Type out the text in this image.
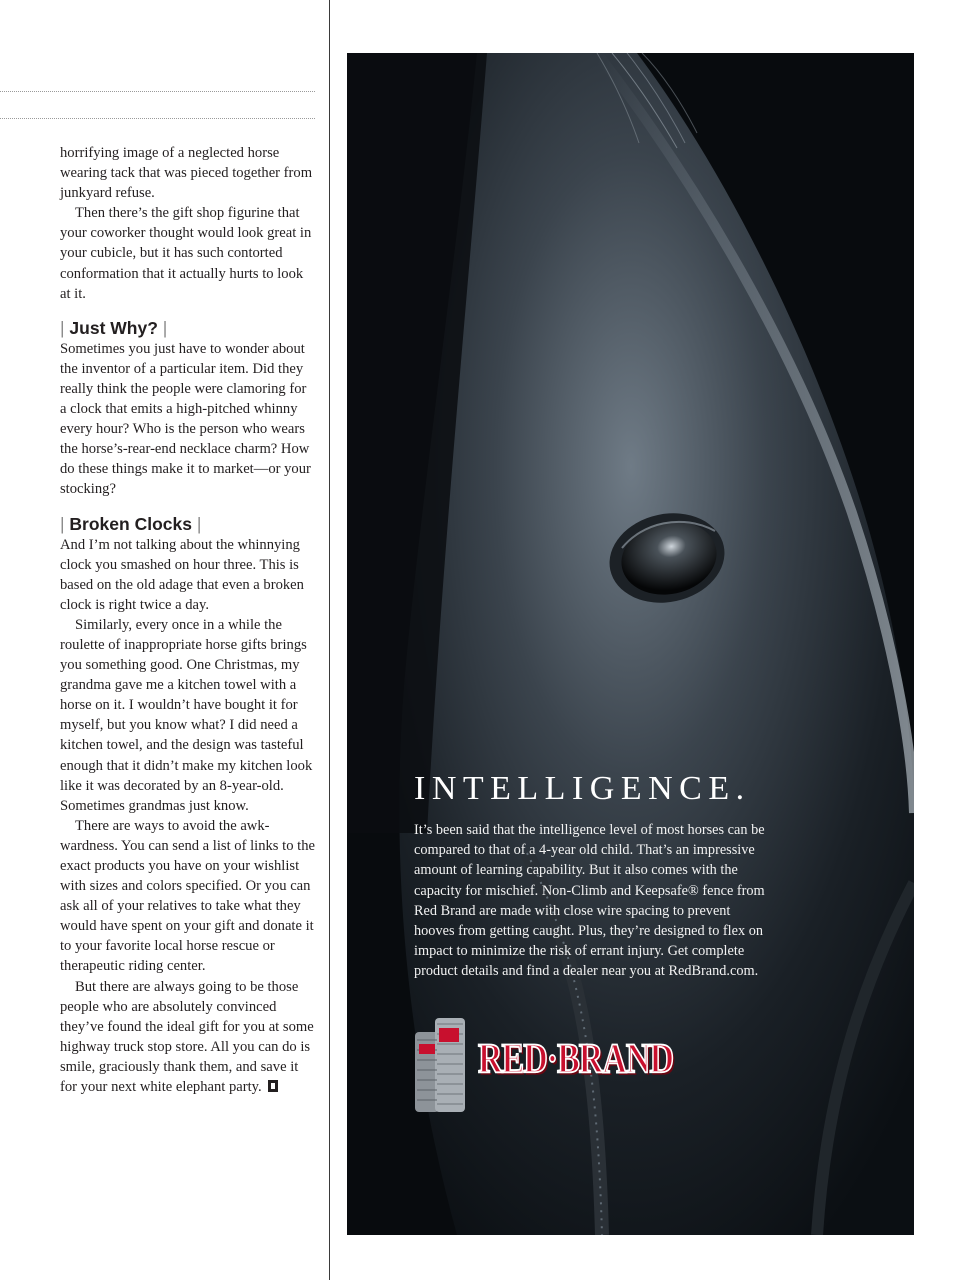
horrifying image of a neglected horse wearing tack that was pieced together from junkyard refuse.

Then there’s the gift shop figurine that your coworker thought would look great in your cubicle, but it has such contorted conformation that it actually hurts to look at it.

| Just Why? |

Sometimes you just have to wonder about the inventor of a particular item. Did they really think the people were clamoring for a clock that emits a high-pitched whinny every hour? Who is the person who wears the horse’s-rear-end necklace charm? How do these things make it to market—or your stocking?

| Broken Clocks |

And I’m not talking about the whinnying clock you smashed on hour three. This is based on the old adage that even a broken clock is right twice a day.

Similarly, every once in a while the roulette of inappropriate horse gifts brings you something good. One Christmas, my grandma gave me a kitchen towel with a horse on it. I wouldn’t have bought it for myself, but you know what? I did need a kitchen towel, and the design was tasteful enough that it didn’t make my kitchen look like it was decorated by an 8-year-old. Sometimes grandmas just know.

There are ways to avoid the awkwardness. You can send a list of links to the exact products you have on your wishlist with sizes and colors specified. Or you can ask all of your relatives to take what they would have spent on your gift and donate it to your favorite local horse rescue or therapeutic riding center.

But there are always going to be those people who are absolutely convinced they’ve found the ideal gift for you at some highway truck stop store. All you can do is smile, graciously thank them, and save it for your next white elephant party.

INTELLIGENCE.

It’s been said that the intelligence level of most horses can be compared to that of a 4-year old child. That’s an impressive amount of learning capability. But it also comes with the capacity for mischief. Non-Climb and Keepsafe® fence from Red Brand are made with close wire spacing to prevent hooves from getting caught. Plus, they’re designed to flex on impact to minimize the risk of errant injury. Get complete product details and find a dealer near you at RedBrand.com.

RED·BRAND
